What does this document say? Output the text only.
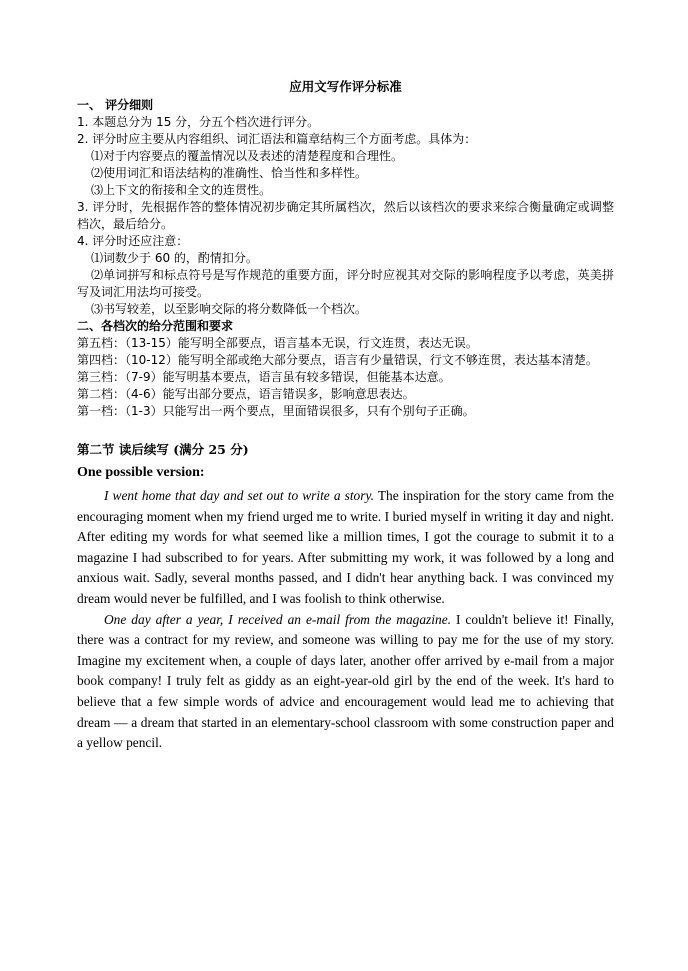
应用文写作评分标准

一、 评分细则

1. 本题总分为 15 分，分五个档次进行评分。

2. 评分时应主要从内容组织、词汇语法和篇章结构三个方面考虑。具体为：

⑴对于内容要点的覆盖情况以及表述的清楚程度和合理性。

⑵使用词汇和语法结构的准确性、恰当性和多样性。

⑶上下文的衔接和全文的连贯性。

3. 评分时，先根据作答的整体情况初步确定其所属档次，然后以该档次的要求来综合衡量确定或调整档次，最后给分。

4. 评分时还应注意：

⑴词数少于 60 的，酌情扣分。

⑵单词拼写和标点符号是写作规范的重要方面，评分时应视其对交际的影响程度予以考虑，英美拼写及词汇用法均可接受。

⑶书写较差，以至影响交际的将分数降低一个档次。

二、各档次的给分范围和要求

第五档：（13-15）能写明全部要点，语言基本无误，行文连贯，表达无误。

第四档：（10-12）能写明全部或绝大部分要点，语言有少量错误，行文不够连贯，表达基本清楚。

第三档：（7-9）能写明基本要点，语言虽有较多错误，但能基本达意。

第二档：（4-6）能写出部分要点，语言错误多，影响意思表达。

第一档：（1-3）只能写出一两个要点，里面错误很多，只有个别句子正确。

第二节 读后续写 (满分 25 分)

One possible version:

I went home that day and set out to write a story. The inspiration for the story came from the encouraging moment when my friend urged me to write. I buried myself in writing it day and night. After editing my words for what seemed like a million times, I got the courage to submit it to a magazine I had subscribed to for years. After submitting my work, it was followed by a long and anxious wait. Sadly, several months passed, and I didn't hear anything back. I was convinced my dream would never be fulfilled, and I was foolish to think otherwise.

One day after a year, I received an e-mail from the magazine. I couldn't believe it! Finally, there was a contract for my review, and someone was willing to pay me for the use of my story. Imagine my excitement when, a couple of days later, another offer arrived by e-mail from a major book company! I truly felt as giddy as an eight-year-old girl by the end of the week. It's hard to believe that a few simple words of advice and encouragement would lead me to achieving that dream — a dream that started in an elementary-school classroom with some construction paper and a yellow pencil.
